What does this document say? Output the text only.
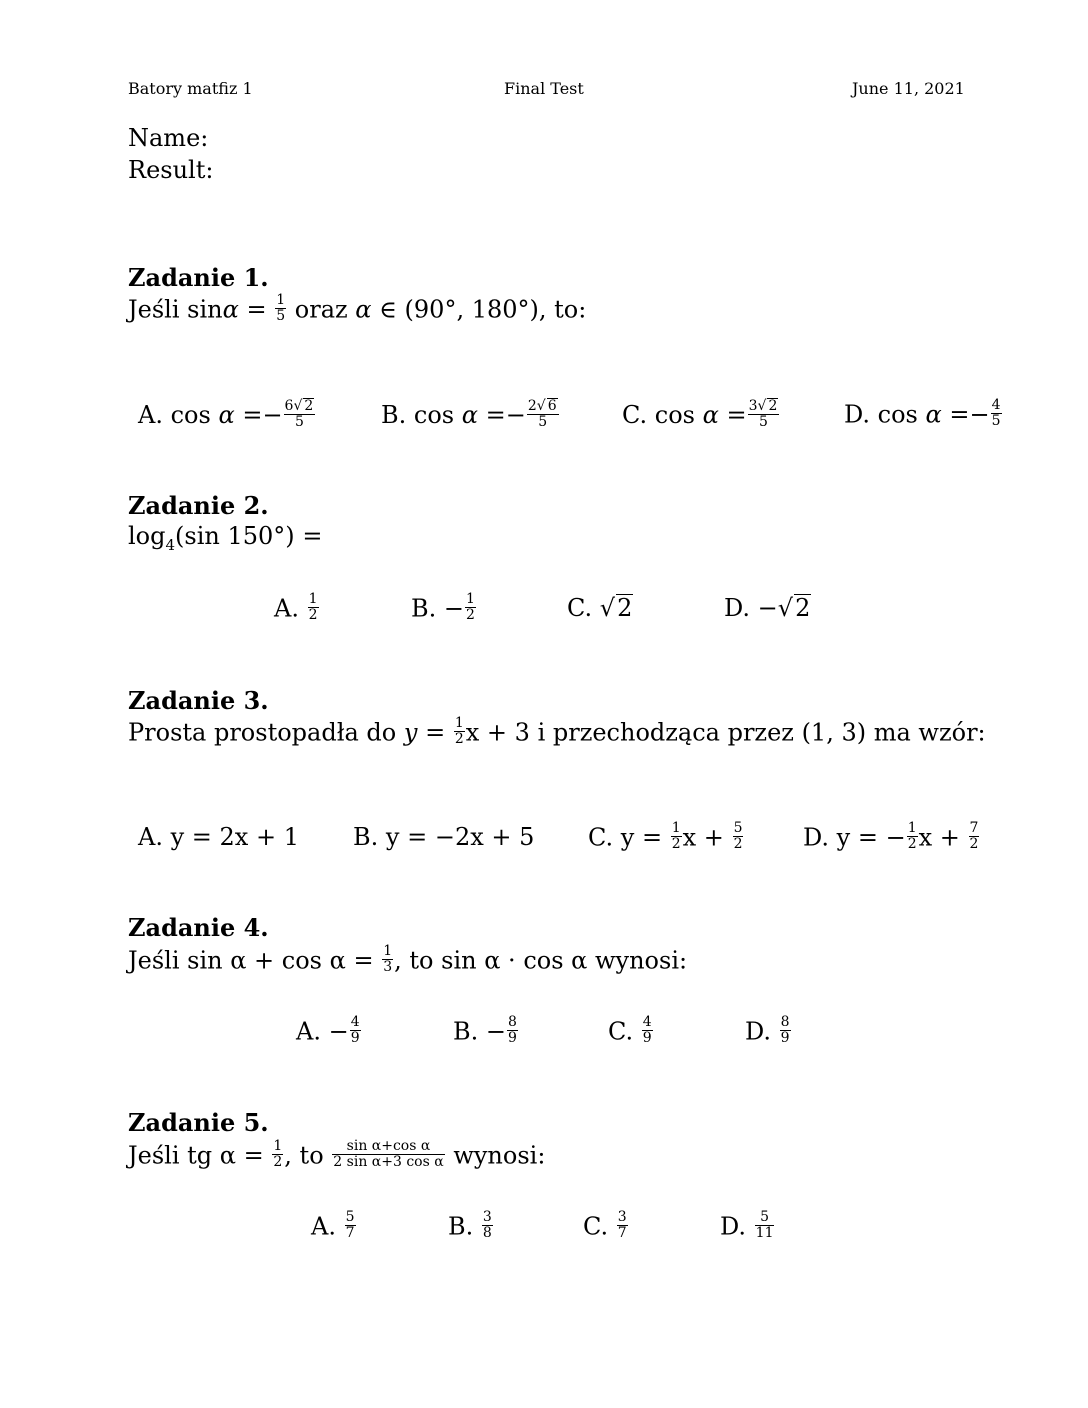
Batory matfiz 1	Final Test	June 11, 2021
Name:
Result:
Zadanie 1.
Jeśli $\sin\alpha = \frac{1}{5}$ oraz α ∈ (90°, 180°), to:
A. $\cos \alpha =- \frac{6√ 2}{5}$	B. $\cos \alpha =- \frac{2√ 6}{5}$	C. $\cos \alpha = \frac{3√ 2}{5}$	D. $\cos \alpha =- \frac{4}{5}$
Zadanie 2.
$\log_4(\sin$ 150°) =
A. $\frac{1}{2}$	B. − $\frac{1}{2}$	C. √2	D. −√2
Zadanie 3.
Prosta prostopadła do $y = \frac{1}{2}$ x + 3 i przechodząca przez (1, 3) ma wzór:
A. y = 2x + 1 B. y = −2x + 5 C. $y = \frac{1}{2}$ $x + \frac{5}{2} D$. y = − $\frac{1}{2}$ $x + \frac{7}{2}$
Zadanie 4.
Jeśli $\sin \alpha + \cos \alpha = \frac{1}{3}$ , to sin α · cos α wynosi:
A. − $\frac{4}{9}$	B. − $\frac{8}{9}$	C. $\frac{4}{9}$	D. $\frac{8}{9}$
Zadanie 5.
Jeśli tg $\alpha = \frac{1}{2}$ , to $\frac{\text{sin α+cos α}}{\text{2 sin α+3 cos α}}$ wynosi:
A. $\frac{5}{7}$	B. $\frac{3}{8}$	C. $\frac{3}{7}$	D. $\frac{5}{11}$
